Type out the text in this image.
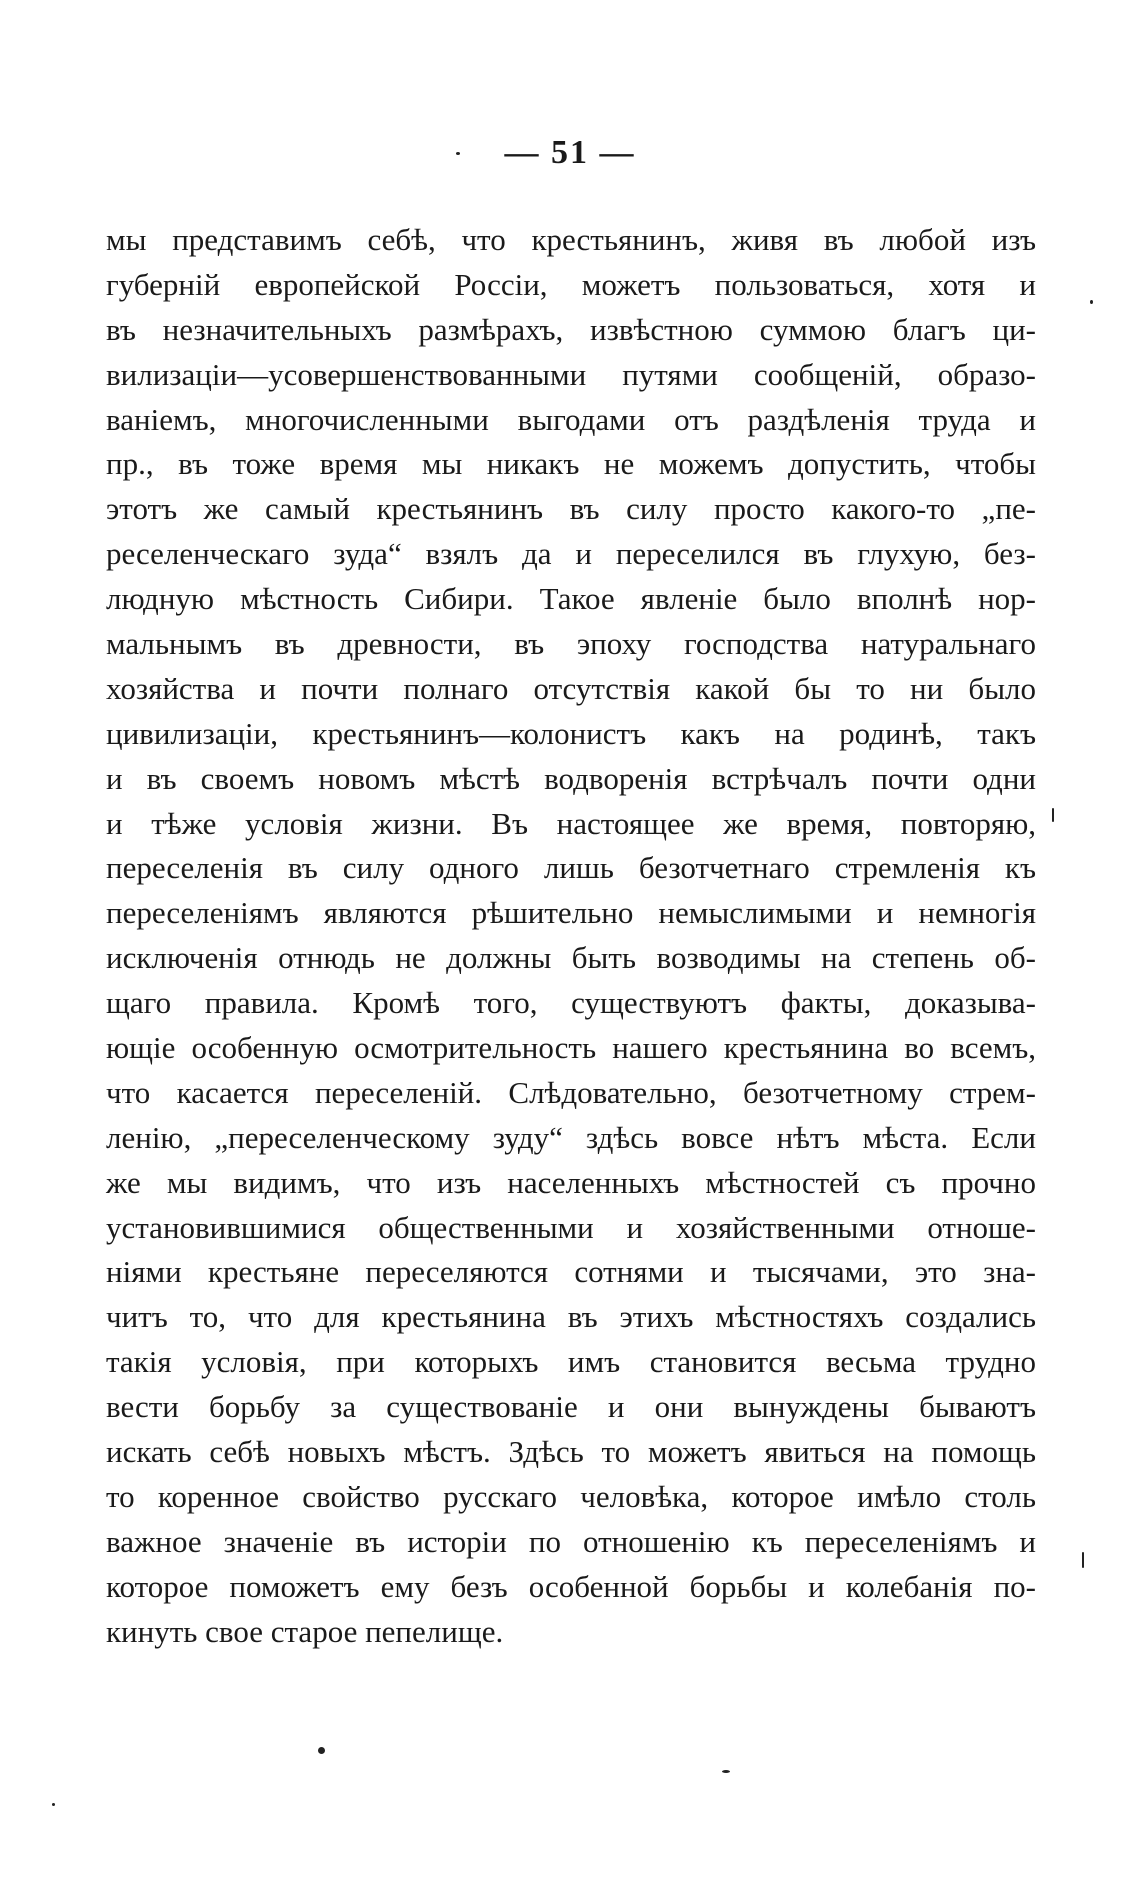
— 51 —
мы представимъ себѣ, что крестьянинъ, живя въ любой изъ
губерній европейской Россіи, можетъ пользоваться, хотя и
въ незначительныхъ размѣрахъ, извѣстною суммою благъ ци-
вилизаціи—усовершенствованными путями сообщеній, образо-
ваніемъ, многочисленными выгодами отъ раздѣленія труда и
пр., въ тоже время мы никакъ не можемъ допустить, чтобы
этотъ же самый крестьянинъ въ силу просто какого-то „пе-
реселенческаго зуда“ взялъ да и переселился въ глухую, без-
людную мѣстность Сибири. Такое явленіе было вполнѣ нор-
мальнымъ въ древности, въ эпоху господства натуральнаго
хозяйства и почти полнаго отсутствія какой бы то ни было
цивилизаціи, крестьянинъ—колонистъ какъ на родинѣ, такъ
и въ своемъ новомъ мѣстѣ водворенія встрѣчалъ почти одни
и тѣже условія жизни. Въ настоящее же время, повторяю,
переселенія въ силу одного лишь безотчетнаго стремленія къ
переселеніямъ являются рѣшительно немыслимыми и немногія
исключенія отнюдь не должны быть возводимы на степень об-
щаго правила. Кромѣ того, существуютъ факты, доказыва-
ющіе особенную осмотрительность нашего крестьянина во всемъ,
что касается переселеній. Слѣдовательно, безотчетному стрем-
ленію, „переселенческому зуду“ здѣсь вовсе нѣтъ мѣста. Если
же мы видимъ, что изъ населенныхъ мѣстностей съ прочно
установившимися общественными и хозяйственными отноше-
ніями крестьяне переселяются сотнями и тысячами, это зна-
читъ то, что для крестьянина въ этихъ мѣстностяхъ создались
такія условія, при которыхъ имъ становится весьма трудно
вести борьбу за существованіе и они вынуждены бываютъ
искать себѣ новыхъ мѣстъ. Здѣсь то можетъ явиться на помощь
то коренное свойство русскаго человѣка, которое имѣло столь
важное значеніе въ исторіи по отношенію къ переселеніямъ и
которое поможетъ ему безъ особенной борьбы и колебанія по-
кинуть свое старое пепелище.
